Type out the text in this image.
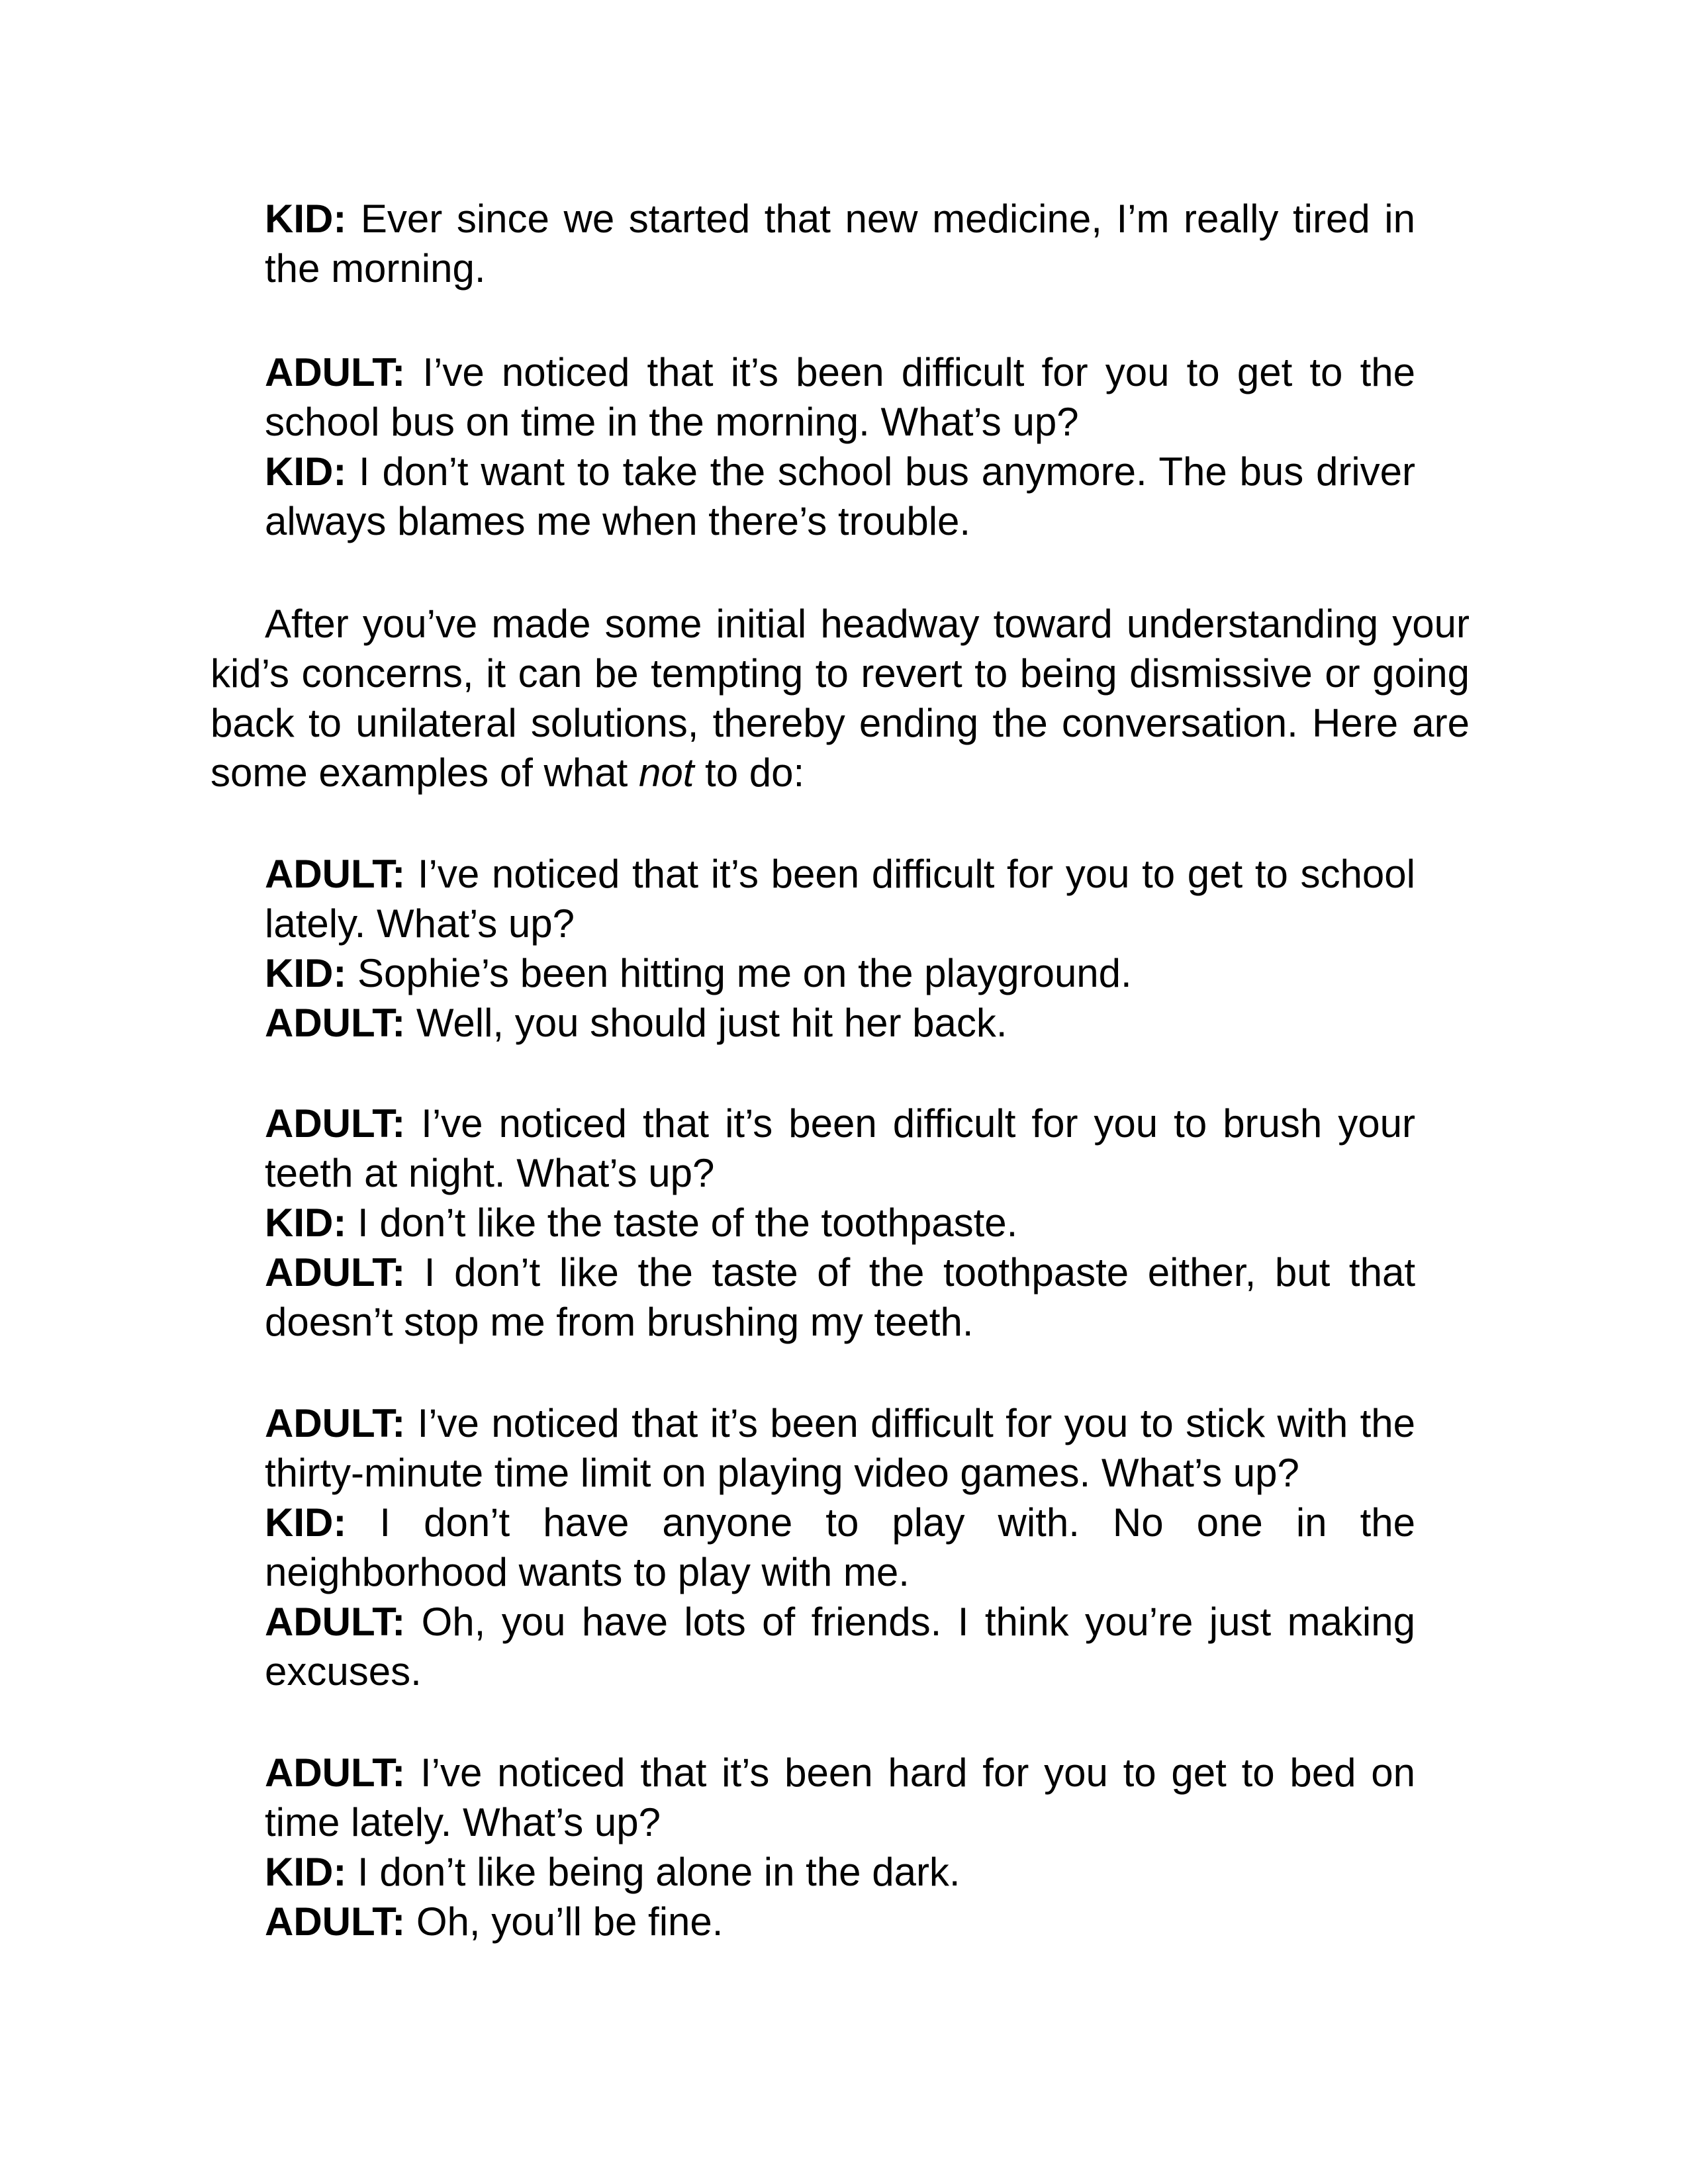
KID: Ever since we started that new medicine, I’m really tired in the morning.

ADULT: I’ve noticed that it’s been difficult for you to get to the school bus on time in the morning. What’s up?

KID: I don’t want to take the school bus anymore. The bus driver always blames me when there’s trouble.

After you’ve made some initial headway toward understanding your kid’s concerns, it can be tempting to revert to being dismissive or going back to unilateral solutions, thereby ending the conversation. Here are some examples of what not to do:

ADULT: I’ve noticed that it’s been difficult for you to get to school lately. What’s up?

KID: Sophie’s been hitting me on the playground.

ADULT: Well, you should just hit her back.

ADULT: I’ve noticed that it’s been difficult for you to brush your teeth at night. What’s up?

KID: I don’t like the taste of the toothpaste.

ADULT: I don’t like the taste of the toothpaste either, but that doesn’t stop me from brushing my teeth.

ADULT: I’ve noticed that it’s been difficult for you to stick with the thirty-minute time limit on playing video games. What’s up?

KID: I don’t have anyone to play with. No one in the neighborhood wants to play with me.

ADULT: Oh, you have lots of friends. I think you’re just making excuses.

ADULT: I’ve noticed that it’s been hard for you to get to bed on time lately. What’s up?

KID: I don’t like being alone in the dark.

ADULT: Oh, you’ll be fine.
